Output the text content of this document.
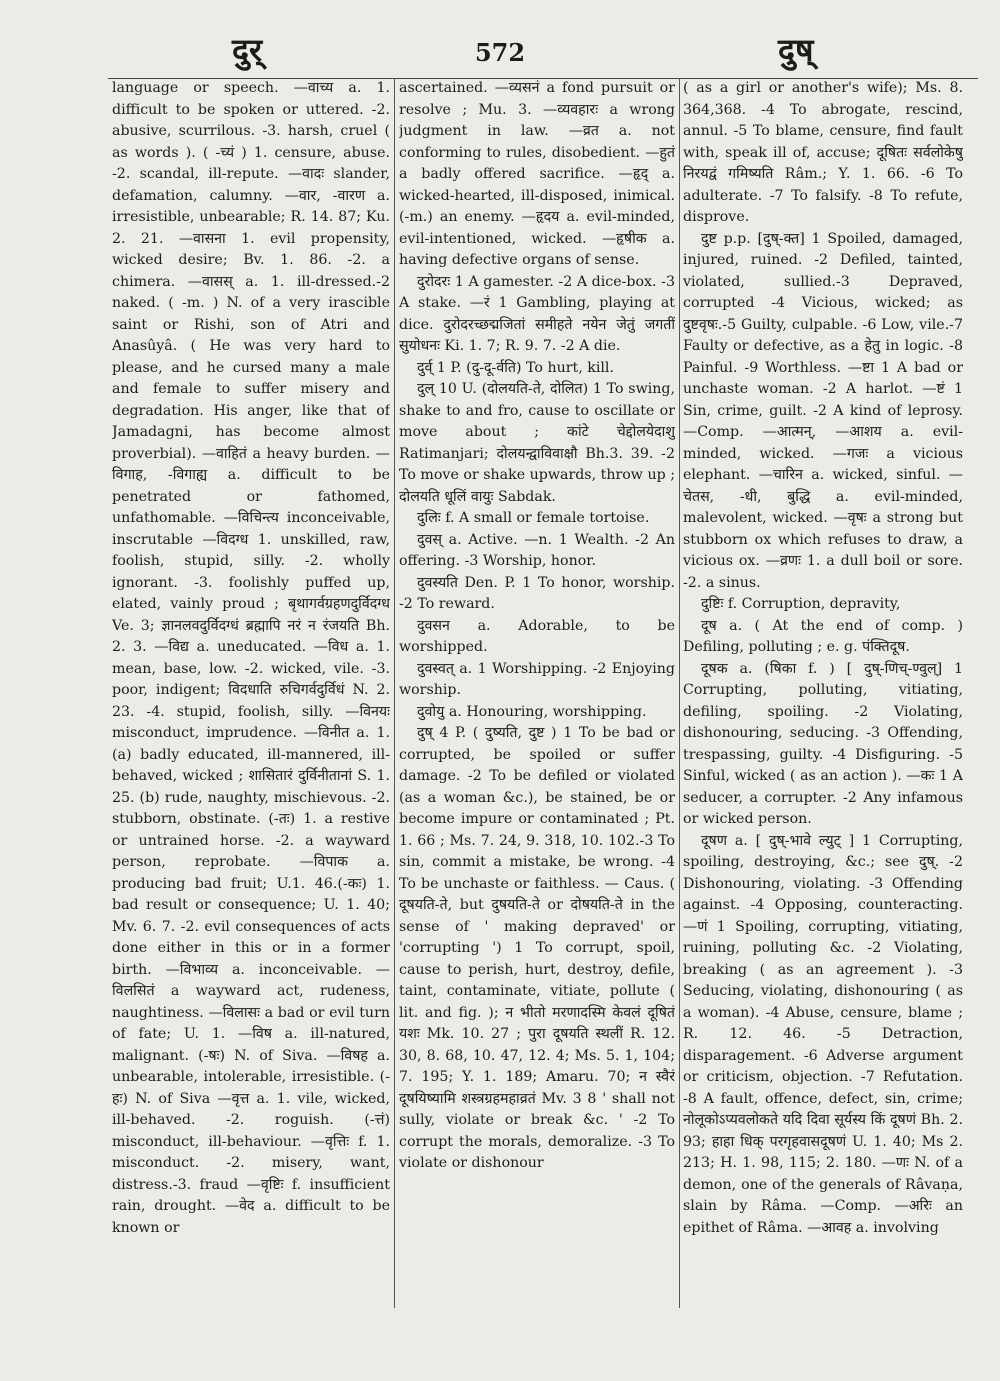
दुर्	572	दुष्

language or speech. —वाच्य a. 1. difficult to be spoken or uttered. -2. abusive, scurrilous. -3. harsh, cruel ( as words ). ( -च्यं ) 1. censure, abuse. -2. scandal, ill-repute. —वादः slander, defamation, calumny. —वार, -वारण a. irresistible, unbearable; R. 14. 87; Ku. 2. 21. —वासना 1. evil propensity, wicked desire; Bv. 1. 86. -2. a chimera. —वासस् a. 1. ill-dressed.-2 naked. ( -m. ) N. of a very irascible saint or Rishi, son of Atri and Anasûyâ. ( He was very hard to please, and he cursed many a male and female to suffer misery and degradation. His anger, like that of Jamadagni, has become almost proverbial). —वाहितं a heavy burden. —विगाह, -विगाह्य a. difficult to be penetrated or fathomed, unfathomable. —विचिन्त्य inconceivable, inscrutable —विदग्ध 1. unskilled, raw, foolish, stupid, silly. -2. wholly ignorant. -3. foolishly puffed up, elated, vainly proud ; बृथागर्वग्रहणदुर्विदग्ध Ve. 3; ज्ञानलवदुर्विदग्धं ब्रह्मापि नरं न रंजयति Bh. 2. 3. —विद्य a. uneducated. —विध a. 1. mean, base, low. -2. wicked, vile. -3. poor, indigent; विदधाति रुचिगर्वदुर्विधं N. 2. 23. -4. stupid, foolish, silly. —विनयः misconduct, imprudence. —विनीत a. 1. (a) badly educated, ill-mannered, ill-behaved, wicked ; शासितारं दुर्विनीतानां S. 1. 25. (b) rude, naughty, mischievous. -2. stubborn, obstinate. (-तः) 1. a restive or untrained horse. -2. a wayward person, reprobate. —विपाक a. producing bad fruit; U.1. 46.(-कः) 1. bad result or consequence; U. 1. 40; Mv. 6. 7. -2. evil consequences of acts done either in this or in a former birth. —विभाव्य a. inconceivable. —विलसितं a wayward act, rudeness, naughtiness. —विलासः a bad or evil turn of fate; U. 1. —विष a. ill-natured, malignant. (-षः) N. of Siva. —विषह a. unbearable, intolerable, irresistible. (-हः) N. of Siva —वृत्त a. 1. vile, wicked, ill-behaved. -2. roguish. (-त्तं) misconduct, ill-behaviour. —वृत्तिः f. 1. misconduct. -2. misery, want, distress.-3. fraud —वृष्टिः f. insufficient rain, drought. —वेद a. difficult to be known or

ascertained. —व्यसनं a fond pursuit or resolve ; Mu. 3. —व्यवहारः a wrong judgment in law. —व्रत a. not conforming to rules, disobedient. —हुतं a badly offered sacrifice. —हृद् a. wicked-hearted, ill-disposed, inimical. (-m.) an enemy. —हृदय a. evil-minded, evil-intentioned, wicked. —हृषीक a. having defective organs of sense.

दुरोदरः 1 A gamester. -2 A dice-box. -3 A stake. —रं 1 Gambling, playing at dice. दुरोदरच्छद्मजितां समीहते नयेन जेतुं जगतीं सुयोधनः Ki. 1. 7; R. 9. 7. -2 A die.

दुर्व् 1 P. (दु-दू-र्वति) To hurt, kill.

दुल् 10 U. (दोलयति-ते, दोलित) 1 To swing, shake to and fro, cause to oscillate or move about ; कांटे चेद्दोलयेदाशु Ratimanjari; दोलयन्द्वाविवाक्षौ Bh.3. 39. -2 To move or shake upwards, throw up ; दोलयति धूलिं वायुः Sabdak.

दुलिः f. A small or female tortoise.

दुवस् a. Active. —n. 1 Wealth. -2 An offering. -3 Worship, honor.

दुवस्यति Den. P. 1 To honor, worship. -2 To reward.

दुवसन a. Adorable, to be worshipped.

दुवस्वत् a. 1 Worshipping. -2 Enjoying worship.

दुवोयु a. Honouring, worshipping.

दुष् 4 P. ( दुष्यति, दुष्ट ) 1 To be bad or corrupted, be spoiled or suffer damage. -2 To be defiled or violated (as a woman &c.), be stained, be or become impure or contaminated ; Pt. 1. 66 ; Ms. 7. 24, 9. 318, 10. 102.-3 To sin, commit a mistake, be wrong. -4 To be unchaste or faithless. — Caus. ( दूषयति-ते, but दुषयति-ते or दोषयति-ते in the sense of ' making depraved' or 'corrupting ') 1 To corrupt, spoil, cause to perish, hurt, destroy, defile, taint, contaminate, vitiate, pollute ( lit. and fig. ); न भीतो मरणादस्मि केवलं दूषितं यशः Mk. 10. 27 ; पुरा दूषयति स्थलीं R. 12. 30, 8. 68, 10. 47, 12. 4; Ms. 5. 1, 104; 7. 195; Y. 1. 189; Amaru. 70; न स्वैरं दूषयिष्यामि शस्त्रग्रहमहाव्रतं Mv. 3 8 ' shall not sully, violate or break &c. ' -2 To corrupt the morals, demoralize. -3 To violate or dishonour

( as a girl or another's wife); Ms. 8. 364,368. -4 To abrogate, rescind, annul. -5 To blame, censure, find fault with, speak ill of, accuse; दूषितः सर्वलोकेषु निरयद्वं गमिष्यति Râm.; Y. 1. 66. -6 To adulterate. -7 To falsify. -8 To refute, disprove.

दुष्ट p.p. [दुष्-क्त] 1 Spoiled, damaged, injured, ruined. -2 Defiled, tainted, violated, sullied.-3 Depraved, corrupted -4 Vicious, wicked; as दुष्टवृषः.-5 Guilty, culpable. -6 Low, vile.-7 Faulty or defective, as a हेतु in logic. -8 Painful. -9 Worthless. —ष्टा 1 A bad or unchaste woman. -2 A harlot. —ष्टं 1 Sin, crime, guilt. -2 A kind of leprosy. —Comp. —आत्मन्, —आशय a. evil-minded, wicked. —गजः a vicious elephant. —चारिन a. wicked, sinful. —चेतस, -धी, बुद्धि a. evil-minded, malevolent, wicked. —वृषः a strong but stubborn ox which refuses to draw, a vicious ox. —व्रणः 1. a dull boil or sore. -2. a sinus.

दुष्टिः f. Corruption, depravity,

दूष a. ( At the end of comp. ) Defiling, polluting ; e. g. पंक्तिदूष.

दूषक a. (षिका f. ) [ दुष्-णिच्-ण्वुल्] 1 Corrupting, polluting, vitiating, defiling, spoiling. -2 Violating, dishonouring, seducing. -3 Offending, trespassing, guilty. -4 Disfiguring. -5 Sinful, wicked ( as an action ). —कः 1 A seducer, a corrupter. -2 Any infamous or wicked person.

दूषण a. [ दुष्-भावे ल्युट् ] 1 Corrupting, spoiling, destroying, &c.; see दुष्. -2 Dishonouring, violating. -3 Offending against. -4 Opposing, counteracting. —णं 1 Spoiling, corrupting, vitiating, ruining, polluting &c. -2 Violating, breaking ( as an agreement ). -3 Seducing, violating, dishonouring ( as a woman). -4 Abuse, censure, blame ; R. 12. 46. -5 Detraction, disparagement. -6 Adverse argument or criticism, objection. -7 Refutation. -8 A fault, offence, defect, sin, crime; नोलूकोऽप्यवलोकते यदि दिवा सूर्यस्य किं दूषणं Bh. 2. 93; हाहा धिक् परगृहवासदूषणं U. 1. 40; Ms 2. 213; H. 1. 98, 115; 2. 180. —णः N. of a demon, one of the generals of Râvaṇa, slain by Râma. —Comp. —अरिः an epithet of Râma. —आवह a. involving
